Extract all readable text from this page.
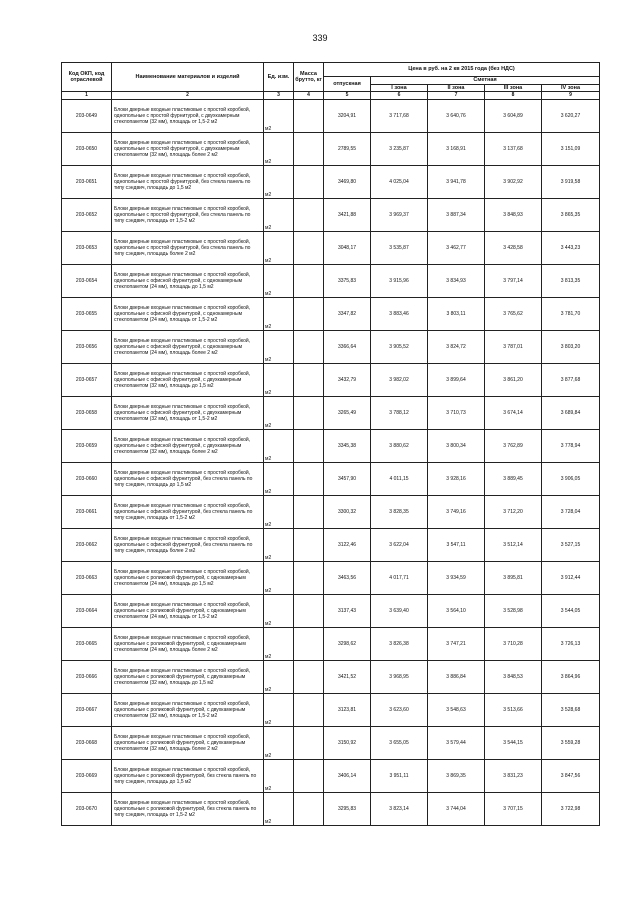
339
Код ОКП, код отраслевой	Наименование материалов и изделий	Ед. изм.	Масса брутто, кг	Цена в руб. на 2 кв 2015 года (без НДС)				
				отпускная	Сметная			
					I зона	II зона	III зона	IV зона
1	2	3	4	5	6	7	8	9
203-0649	Блоки дверные входные пластиковые с простой коробкой, однопольные с простой фурнитурой, с двухкамерным стеклопакетом (32 мм), площадь от 1,5-2 м2	м2		3204,91	3 717,68	3 640,76	3 604,89	3 620,27
203-0650	Блоки дверные входные пластиковые с простой коробкой, однопольные с простой фурнитурой, с двухкамерным стеклопакетом (32 мм), площадь более 2 м2	м2		2789,55	3 235,87	3 168,91	3 137,68	3 151,09
203-0651	Блоки дверные входные пластиковые с простой коробкой, однопольные с простой фурнитурой, без стекла панель по типу сэндвич, площадь до 1,5 м2	м2		3469,80	4 025,04	3 941,78	3 902,92	3 919,58
203-0652	Блоки дверные входные пластиковые с простой коробкой, однопольные с простой фурнитурой, без стекла панель по типу сэндвич, площадь от 1,5-2 м2	м2		3421,88	3 969,37	3 887,34	3 848,93	3 865,35
203-0653	Блоки дверные входные пластиковые с простой коробкой, однопольные с простой фурнитурой, без стекла панель по типу сэндвич, площадь более 2 м2	м2		3048,17	3 535,87	3 462,77	3 428,58	3 443,23
203-0654	Блоки дверные входные пластиковые с простой коробкой, однопольные с офисной фурнитурой, с однокамерным стеклопакетом (24 мм), площадь до 1,5 м2	м2		3375,83	3 915,96	3 834,93	3 797,14	3 813,35
203-0655	Блоки дверные входные пластиковые с простой коробкой, однопольные с офисной фурнитурой, с однокамерным стеклопакетом (24 мм), площадь от 1,5-2 м2	м2		3347,82	3 883,46	3 803,11	3 765,62	3 781,70
203-0656	Блоки дверные входные пластиковые с простой коробкой, однопольные с офисной фурнитурой, с однокамерным стеклопакетом (24 мм), площадь более 2 м2	м2		3366,64	3 905,52	3 824,72	3 787,01	3 803,20
203-0657	Блоки дверные входные пластиковые с простой коробкой, однопольные с офисной фурнитурой, с двухкамерным стеклопакетом (32 мм), площадь до 1,5 м2	м2		3432,79	3 982,02	3 899,64	3 861,20	3 877,68
203-0658	Блоки дверные входные пластиковые с простой коробкой, однопольные с офисной фурнитурой, с двухкамерным стеклопакетом (32 мм), площадь от 1,5-2 м2	м2		3265,49	3 788,12	3 710,73	3 674,14	3 689,84
203-0659	Блоки дверные входные пластиковые с простой коробкой, однопольные с офисной фурнитурой, с двухкамерным стеклопакетом (32 мм), площадь более 2 м2	м2		3345,38	3 880,62	3 800,34	3 762,89	3 778,94
203-0660	Блоки дверные входные пластиковые с простой коробкой, однопольные с офисной фурнитурой, без стекла панель по типу сэндвич, площадь до 1,5 м2	м2		3457,90	4 011,15	3 928,16	3 889,45	3 906,05
203-0661	Блоки дверные входные пластиковые с простой коробкой, однопольные с офисной фурнитурой, без стекла панель по типу сэндвич, площадь от 1,5-2 м2	м2		3300,32	3 828,35	3 749,16	3 712,20	3 728,04
203-0662	Блоки дверные входные пластиковые с простой коробкой, однопольные с офисной фурнитурой, без стекла панель по типу сэндвич, площадь более 2 м2	м2		3122,46	3 622,04	3 547,11	3 512,14	3 527,15
203-0663	Блоки дверные входные пластиковые с простой коробкой, однопольные с роликовой фурнитурой, с однокамерным стеклопакетом (24 мм), площадь до 1,5 м2	м2		3463,56	4 017,71	3 934,59	3 895,81	3 912,44
203-0664	Блоки дверные входные пластиковые с простой коробкой, однопольные с роликовой фурнитурой, с однокамерным стеклопакетом (24 мм), площадь от 1,5-2 м2	м2		3137,43	3 639,40	3 564,10	3 528,98	3 544,05
203-0665	Блоки дверные входные пластиковые с простой коробкой, однопольные с роликовой фурнитурой, с однокамерным стеклопакетом (24 мм), площадь более 2 м2	м2		3298,62	3 826,38	3 747,21	3 710,28	3 726,13
203-0666	Блоки дверные входные пластиковые с простой коробкой, однопольные с роликовой фурнитурой, с двухкамерным стеклопакетом (32 мм), площадь до 1,5 м2	м2		3421,52	3 968,95	3 886,84	3 848,53	3 864,96
203-0667	Блоки дверные входные пластиковые с простой коробкой, однопольные с роликовой фурнитурой, с двухкамерным стеклопакетом (32 мм), площадь от 1,5-2 м2	м2		3123,81	3 623,60	3 548,63	3 513,66	3 528,68
203-0668	Блоки дверные входные пластиковые с простой коробкой, однопольные с роликовой фурнитурой, с двухкамерным стеклопакетом (32 мм), площадь более 2 м2	м2		3150,92	3 655,05	3 579,44	3 544,15	3 559,28
203-0669	Блоки дверные входные пластиковые с простой коробкой, однопольные с роликовой фурнитурой, без стекла панель по типу сэндвич, площадь до 1,5 м2	м2		3406,14	3 951,11	3 869,35	3 831,23	3 847,56
203-0670	Блоки дверные входные пластиковые с простой коробкой, однопольные с роликовой фурнитурой, без стекла панель по типу сэндвич, площадь от 1,5-2 м2	м2		3295,83	3 823,14	3 744,04	3 707,15	3 722,98
